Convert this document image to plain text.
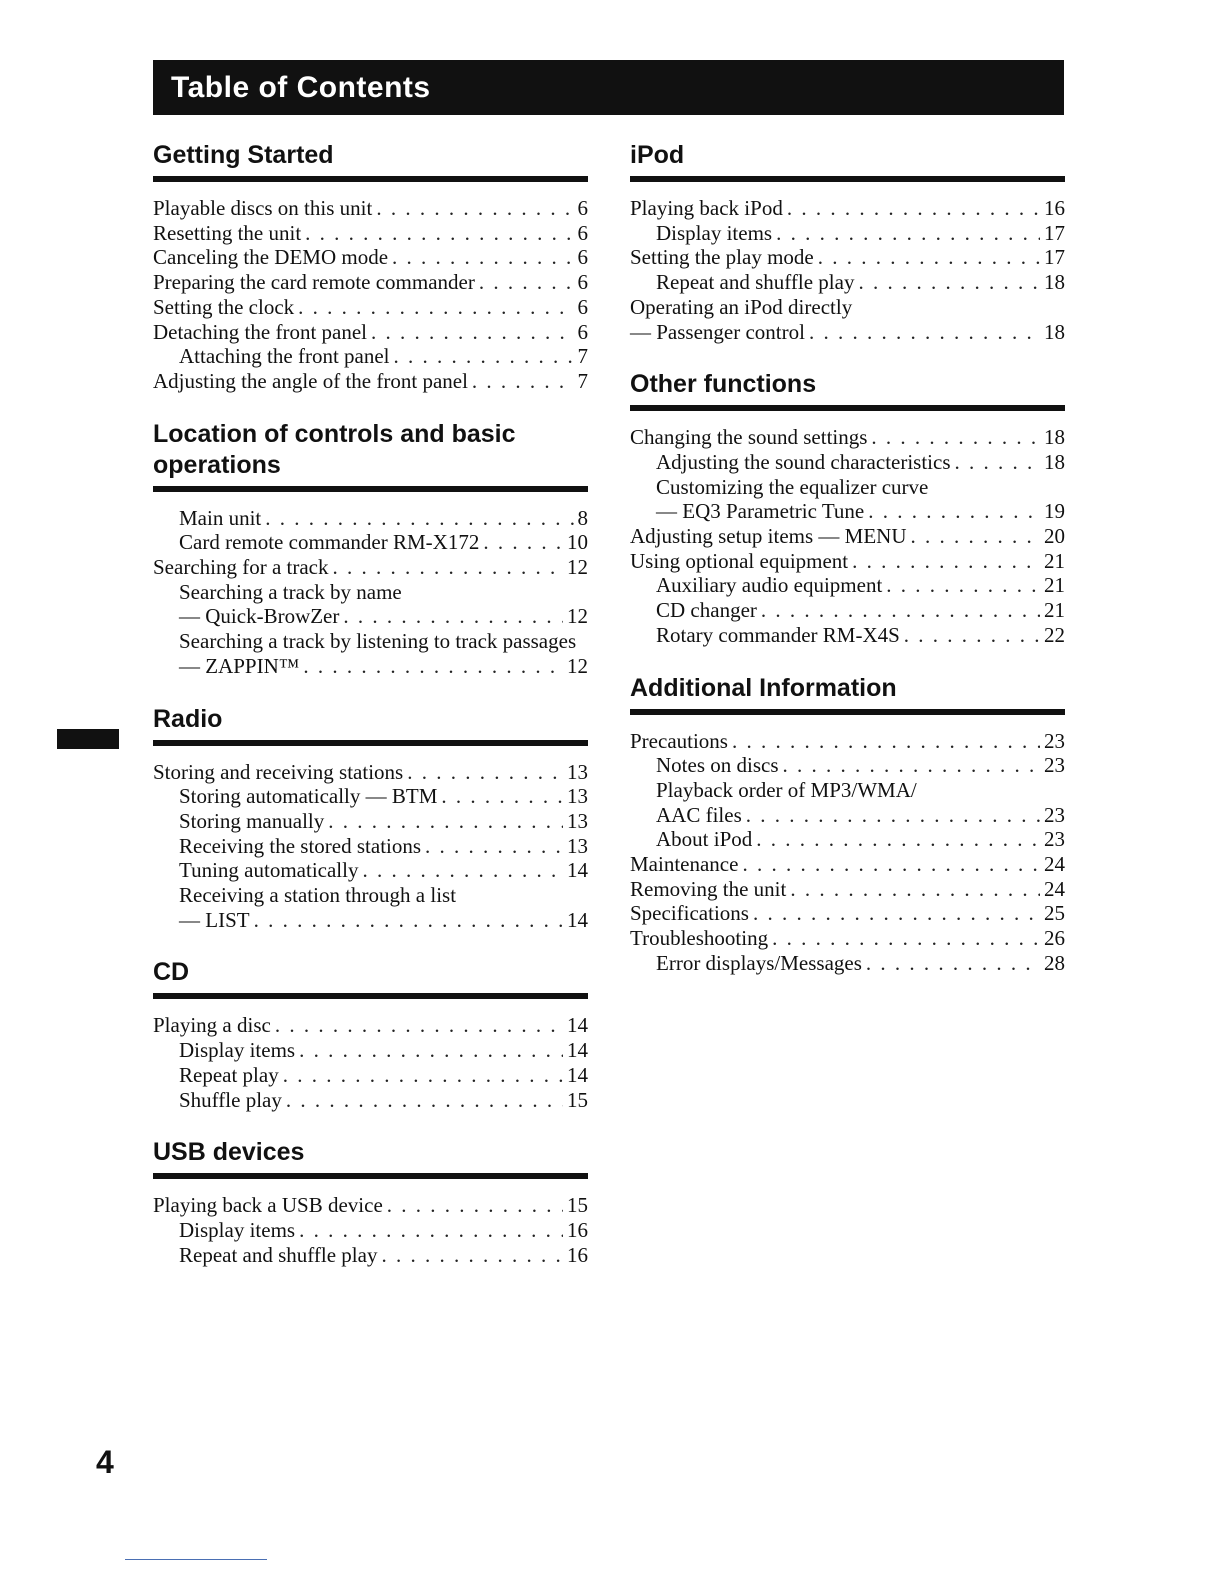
Table of Contents
Getting Started
Playable discs on this unit . . .	6
Resetting the unit . . .	6
Canceling the DEMO mode . . .	6
Preparing the card remote commander . . .	6
Setting the clock . . .	6
Detaching the front panel . . .	6
Attaching the front panel . . .	7
Adjusting the angle of the front panel . . .	7
Location of controls and basic operations
Main unit . . .	8
Card remote commander RM-X172 . . .	10
Searching for a track . . .	12
Searching a track by name
— Quick-BrowZer . . .	12
Searching a track by listening to track passages
— ZAPPIN™ . . .	12
Radio
Storing and receiving stations . . .	13
Storing automatically — BTM . . .	13
Storing manually . . .	13
Receiving the stored stations . . .	13
Tuning automatically . . .	14
Receiving a station through a list
— LIST . . .	14
CD
Playing a disc . . .	14
Display items . . .	14
Repeat play . . .	14
Shuffle play . . .	15
USB devices
Playing back a USB device . . .	15
Display items . . .	16
Repeat and shuffle play . . .	16
iPod
Playing back iPod . . .	16
Display items . . .	17
Setting the play mode . . .	17
Repeat and shuffle play . . .	18
Operating an iPod directly
— Passenger control . . .	18
Other functions
Changing the sound settings . . .	18
Adjusting the sound characteristics . . .	18
Customizing the equalizer curve
— EQ3 Parametric Tune . . .	19
Adjusting setup items — MENU . . .	20
Using optional equipment . . .	21
Auxiliary audio equipment . . .	21
CD changer . . .	21
Rotary commander RM-X4S . . .	22
Additional Information
Precautions . . .	23
Notes on discs . . .	23
Playback order of MP3/WMA/
AAC files . . .	23
About iPod . . .	23
Maintenance . . .	24
Removing the unit . . .	24
Specifications . . .	25
Troubleshooting . . .	26
Error displays/Messages . . .	28
4
